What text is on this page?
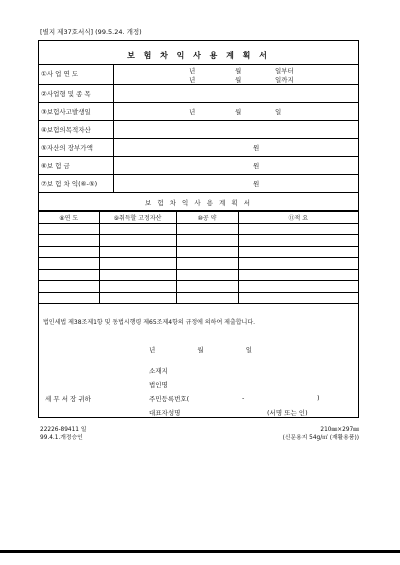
[별지 제37호서식] (99.5.24. 개정)
보 험 차 익 사 용 계 획 서
①사 업 연 도	년	월	일부터
년	월	일까지
②사업형 및 종 목
③보험사고발생일	년	월	일
④보험의목적자산
⑤자산의 장부가액	원
⑥보 험 금	원
⑦보 험 차 익(⑥-⑤)	원
보 험 차 익 사 용 계 획 서
⑧연 도	⑨취득할 고정자산	⑩공 약	⑪적 요

법인세법 제38조제1항 및 동법시행령 제65조제4항의 규정에 의하여 제출합니다.
년	월	일
소재지
법인명
주민등록번호(	-	)
대표자성명	(서명 또는 인)
세 무 서 장 귀하
22226-89411 일
99.4.1.개정승인
210㎜×297㎜
(신문용지 54g/㎡ (재활용품))
